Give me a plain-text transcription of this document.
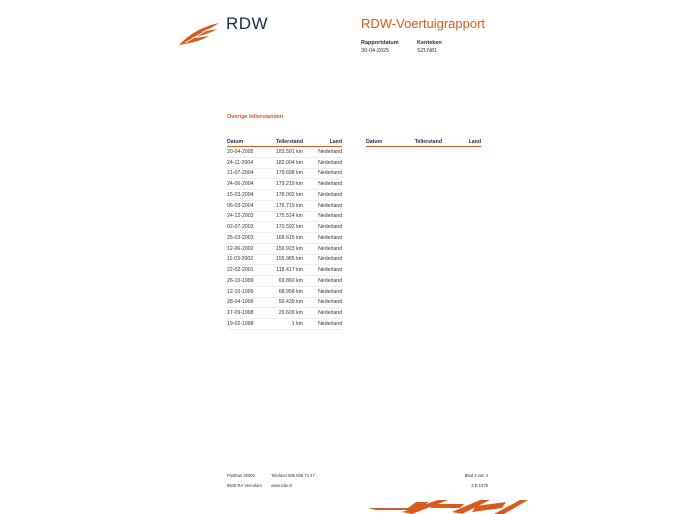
RDW	RDW-Voertuigrapport
Rapportdatum
30-04-2025
Kenteken
SZLN81
Overige tellerstanden
Datum	Tellerstand	Land
20-04-2005	183.591 km	Nederland
24-11-2004	182.004 km	Nederland
21-07-2004	179.698 km	Nederland
24-06-2004	179.219 km	Nederland
15-03-2004	178.002 km	Nederland
06-03-2004	176.719 km	Nederland
24-12-2003	175.514 km	Nederland
02-07-2003	170.592 km	Nederland
25-03-2003	168.615 km	Nederland
12-06-2002	159.923 km	Nederland
11-03-2002	155.965 km	Nederland
22-02-2001	118.417 km	Nederland
26-10-1999	69.860 km	Nederland
12-10-1999	68.958 km	Nederland
28-04-1999	50.439 km	Nederland
17-09-1998	29.609 km	Nederland
19-02-1998	1 km	Nederland
Datum	Tellerstand	Land
Postbus 30000
9640 RA Veendam
Telefoon 088 008 74 47
www.rdw.nl
Blad 2 van 4
3 E 1078
